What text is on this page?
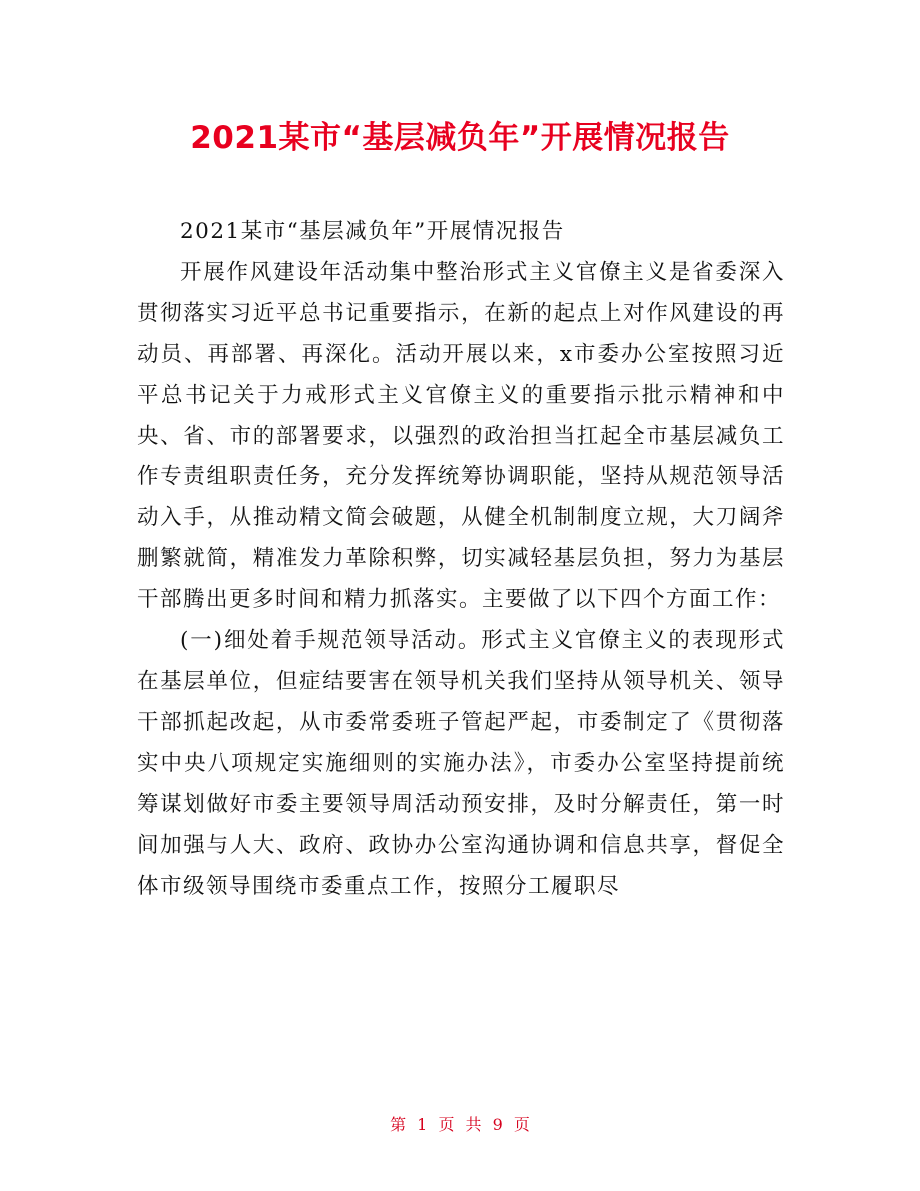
2021某市“基层减负年”开展情况报告

2021某市“基层减负年”开展情况报告

开展作风建设年活动集中整治形式主义官僚主义是省委深入贯彻落实习近平总书记重要指示，在新的起点上对作风建设的再动员、再部署、再深化。活动开展以来，x市委办公室按照习近平总书记关于力戒形式主义官僚主义的重要指示批示精神和中央、省、市的部署要求，以强烈的政治担当扛起全市基层减负工作专责组职责任务，充分发挥统筹协调职能，坚持从规范领导活动入手，从推动精文简会破题，从健全机制制度立规，大刀阔斧删繁就简，精准发力革除积弊，切实减轻基层负担，努力为基层干部腾出更多时间和精力抓落实。主要做了以下四个方面工作：

(一)细处着手规范领导活动。形式主义官僚主义的表现形式在基层单位，但症结要害在领导机关我们坚持从领导机关、领导干部抓起改起，从市委常委班子管起严起，市委制定了《贯彻落实中央八项规定实施细则的实施办法》，市委办公室坚持提前统筹谋划做好市委主要领导周活动预安排，及时分解责任，第一时间加强与人大、政府、政协办公室沟通协调和信息共享，督促全体市级领导围绕市委重点工作，按照分工履职尽

第 1 页 共 9 页
